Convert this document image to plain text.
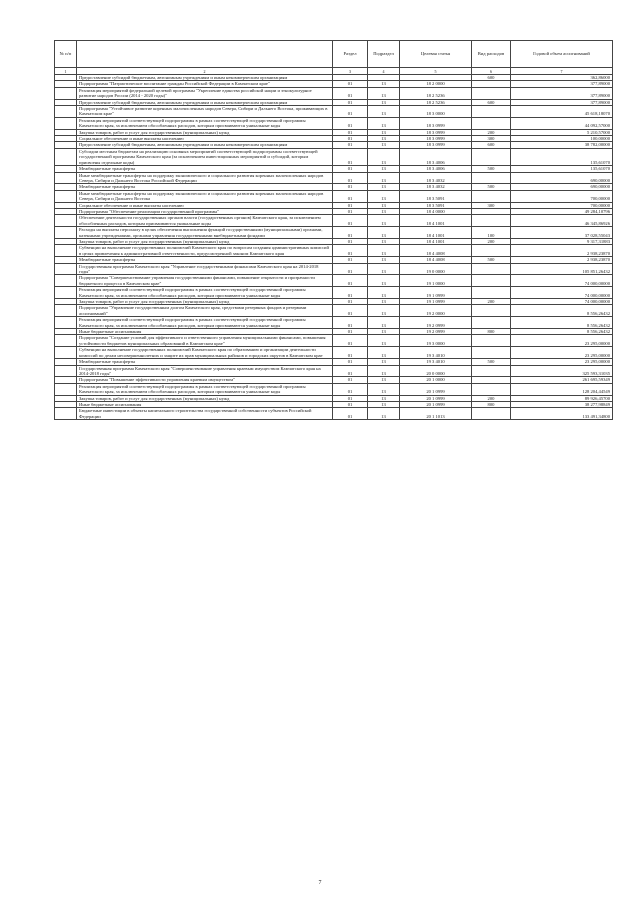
№ п/п		Раздел	Подраздел	Целевая статья	Вид расходов	Годовой объем ассигнований
1	2	3	4	5	6	7
	Предоставление субсидий бюджетным, автономным учреждениям и иным некоммерческим организациям				600	362,86000
	Подпрограмма "Патриотическое воспитание граждан Российской Федерации в Камчатском крае"	01	13	18 2 0000		377,89000
	Реализация мероприятий федеральной целевой программы "Укрепление единства российской нации и этнокультурное развитие народов России (2014 - 2020 годы)"	01	13	18 2 5236		377,89000
	Предоставление субсидий бюджетным, автономным учреждениям и иным некоммерческим организациям	01	13	18 2 5236	600	377,89000
	Подпрограмма "Устойчивое развитие коренных малочисленных народов Севера, Сибири и Дальнего Востока, проживающих в Камчатском крае"	01	13	18 3 0000		45 618,18070
	Реализация мероприятий соответствующей подпрограммы в рамках соответствующей государственной программы Камчатского края, за исключением обособленных расходов, которым присваиваются уникальные коды	01	13	18 3 0999		44 092,57000
	Закупка товаров, работ и услуг для государственных (муниципальных) нужд	01	13	18 3 0999	200	5 210,57000
	Социальное обеспечение и иные выплаты населению	01	13	18 3 0999	300	100,00000
	Предоставление субсидий бюджетным, автономным учреждениям и иным некоммерческим организациям	01	13	18 3 0999	600	38 782,00000
	Субсидии местным бюджетам на реализацию основных мероприятий соответствующей подпрограммы соответствующей государственной программы Камчатского края (за исключением инвестиционных мероприятий и субсидий, которым присвоены отдельные коды)	01	13	18 3 4006		135,61070
	Межбюджетные трансферты	01	13	18 3 4006	500	135,61070
	Иные межбюджетные трансферты на поддержку экономического и социального развития коренных малочисленных народов Севера, Сибири и Дальнего Востока Российской Федерации	01	13	18 3 4032		690,00000
	Межбюджетные трансферты	01	13	18 3 4032	500	690,00000
	Иные межбюджетные трансферты на поддержку экономического и социального развития коренных малочисленных народов Севера, Сибири и Дальнего Востока	01	13	18 3 5091		700,00000
	Социальное обеспечение и иные выплаты населению	01	13	18 3 5091	300	700,00000
	Подпрограмма "Обеспечение реализации государственной программы"	01	13	18 4 0000		49 284,10796
	Обеспечение деятельности государственных органов власти (государственных органов) Камчатского края, за исключением обособленных расходов, которым присваиваются уникальные коды	01	13	18 4 1001		46 345,86926
	Расходы на выплаты персоналу в целях обеспечения выполнения функций государственными (муниципальными) органами, казенными учреждениями, органами управления государственными внебюджетными фондами	01	13	18 4 1001	100	37 028,55043
	Закупка товаров, работ и услуг для государственных (муниципальных) нужд	01	13	18 4 1001	200	9 317,31883
	Субвенции на выполнение государственных полномочий Камчатского края по вопросам создания административных комиссий в целях привлечения к административной ответственности, предусмотренной законом Камчатского края	01	13	18 4 4008		2 938,23870
	Межбюджетные трансферты	01	13	18 4 4008	500	2 938,23870
	Государственная программа Камчатского края "Управление государственными финансами Камчатского края на 2014-2018 годы"	01	13	19 0 0000		105 851,26432
	Подпрограмма "Совершенствование управления государственными финансами, повышение открытости и прозрачности бюджетного процесса в Камчатском крае"	01	13	19 1 0000		74 000,00000
	Реализация мероприятий соответствующей подпрограммы в рамках соответствующей государственной программы Камчатского края, за исключением обособленных расходов, которым присваиваются уникальные коды	01	13	19 1 0999		74 000,00000
	Закупка товаров, работ и услуг для государственных (муниципальных) нужд	01	13	19 1 0999	200	74 000,00000
	Подпрограмма "Управление государственным долгом Камчатского края, средствами резервных фондов и резервами ассигнований"	01	13	19 2 0000		8 556,26432
	Реализация мероприятий соответствующей подпрограммы в рамках соответствующей государственной программы Камчатского края, за исключением обособленных расходов, которым присваиваются уникальные коды	01	13	19 2 0999		8 556,26432
	Иные бюджетные ассигнования	01	13	19 2 0999	800	8 556,26432
	Подпрограмма "Создание условий для эффективного и ответственного управления муниципальными финансами, повышения устойчивости бюджетов муниципальных образований в Камчатском крае"	01	13	19 3 0000		23 295,00000
	Субвенции на выполнение государственных полномочий Камчатского края по образованию и организации деятельности комиссий по делам несовершеннолетних и защите их прав муниципальных районов и городских округов в Камчатском крае	01	13	19 3 4010		23 295,00000
	Межбюджетные трансферты	01	13	19 3 4010	500	23 295,00000
	Государственная программа Камчатского края "Совершенствование управления краевым имуществом Камчатского края на 2014-2018 годы"	01	13	20 0 0000		325 593,31035
	Подпрограмма "Повышение эффективности управления краевым имуществом"	01	13	20 1 0000		261 695,59349
	Реализация мероприятий соответствующей подпрограммы в рамках соответствующей государственной программы Камчатского края, за исключением обособленных расходов, которым присваиваются уникальные коды	01	13	20 1 0999		128 204,44549
	Закупка товаров, работ и услуг для государственных (муниципальных) нужд	01	13	20 1 0999	200	89 926,45700
	Иные бюджетные ассигнования	01	13	20 1 0999	800	38 277,98849
	Бюджетные инвестиции в объекты капитального строительства государственной собственности субъектов Российской Федерации	01	13	20 1 1013		133 491,34800
7
